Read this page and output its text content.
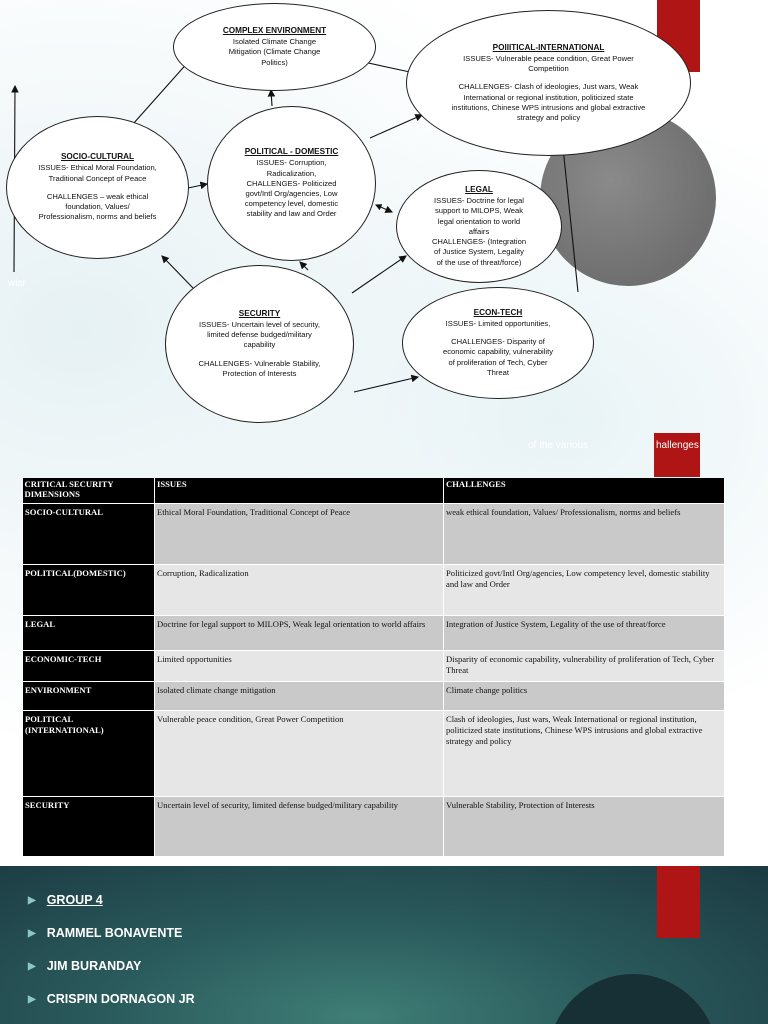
COMPLEX ENVIRONMENT
Isolated Climate Change
Mitigation (Climate Change
Politics)
POlIITICAL-INTERNATIONAL
ISSUES- Vulnerable peace condition, Great Power
Competition
CHALLENGES- Clash of ideologies, Just wars, Weak
International or regional institution, politicized state
institutions, Chinese WPS intrusions and global extractive
strategy and policy
SOCIO-CULTURAL
ISSUES- Ethical Moral Foundation,
Traditional Concept of Peace
CHALLENGES – weak ethical
foundation, Values/
Professionalism, norms and beliefs
POLITICAL - DOMESTIC
ISSUES- Corruption,
Radicalization,
CHALLENGES- Politicized
govt/Intl Org/agencies, Low
competency level, domestic
stability and law and Order
LEGAL
ISSUES- Doctrine for legal
support to MILOPS, Weak
legal orientation to world
affairs
CHALLENGES- (Integration
of Justice System, Legality
of the use of threat/force)
SECURITY
ISSUES- Uncertain level of security,
limited defense budged/military
capability
CHALLENGES- Vulnerable Stability,
Protection of Interests
ECON-TECH
ISSUES- Limited opportunities,
CHALLENGES- Disparity of
economic capability, vulnerability
of proliferation of Tech, Cyber
Threat
wisr
of the various	hallenges
CRITICAL SECURITY DIMENSIONS	ISSUES	CHALLENGES
SOCIO-CULTURAL	Ethical Moral Foundation, Traditional Concept of Peace	weak ethical foundation, Values/ Professionalism, norms and beliefs
POLITICAL(DOMESTIC)	Corruption, Radicalization	Politicized govt/Intl Org/agencies, Low competency level, domestic stability and law and Order
LEGAL	Doctrine for legal support to MILOPS, Weak legal orientation to world affairs	Integration of Justice System, Legality of the use of threat/force
ECONOMIC-TECH	Limited opportunities	Disparity of economic capability, vulnerability of proliferation of Tech, Cyber Threat
ENVIRONMENT	Isolated climate change mitigation	Climate change politics
POLITICAL (INTERNATIONAL)	Vulnerable peace condition, Great Power Competition	Clash of ideologies, Just wars, Weak International or regional institution, politicized state institutions, Chinese WPS intrusions and global extractive strategy and policy
SECURITY	Uncertain level of security, limited defense budged/military capability	Vulnerable Stability, Protection of Interests
▶ GROUP 4
▶ RAMMEL BONAVENTE
▶ JIM BURANDAY
▶ CRISPIN DORNAGON JR
